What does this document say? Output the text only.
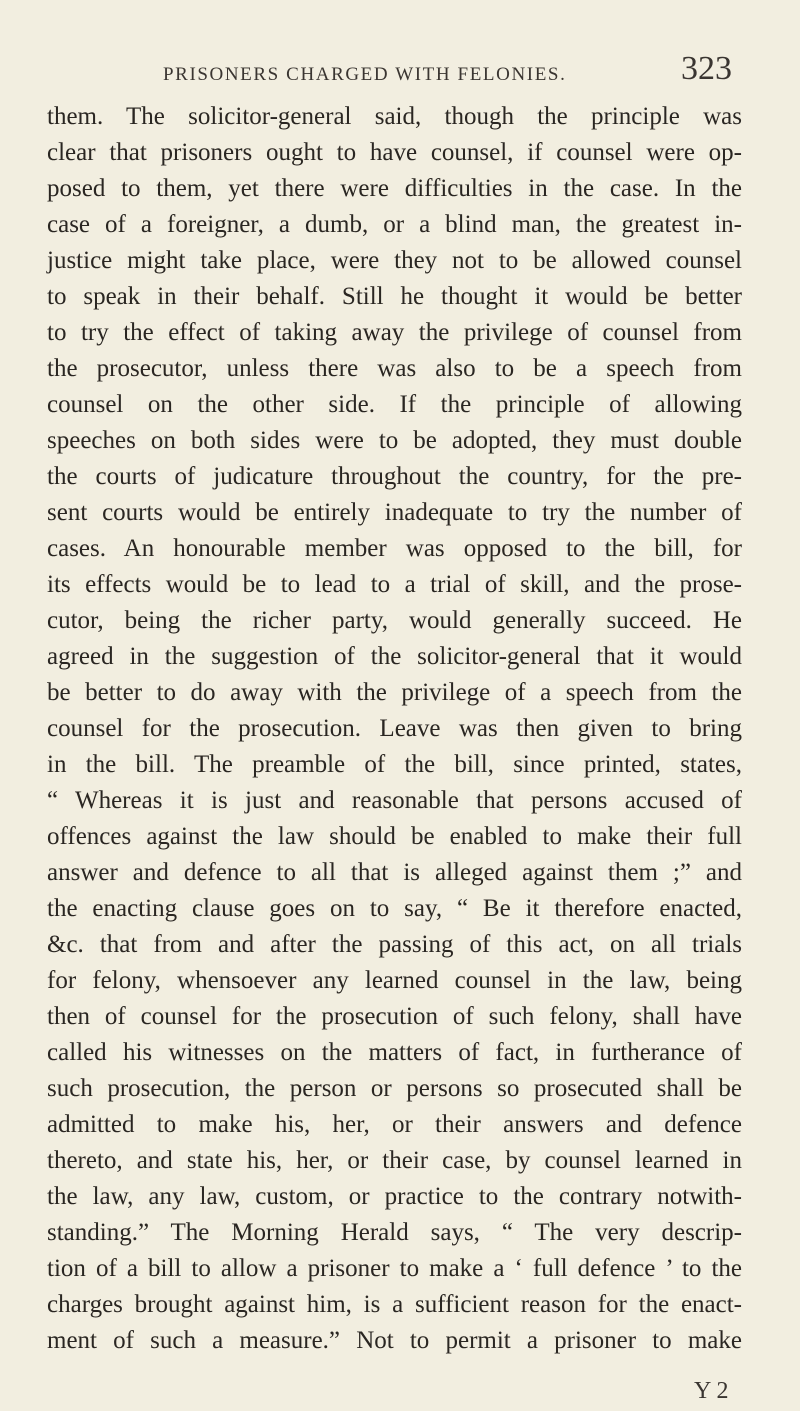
PRISONERS CHARGED WITH FELONIES.	323
them. The solicitor-general said, though the principle was
clear that prisoners ought to have counsel, if counsel were op-
posed to them, yet there were difficulties in the case. In the
case of a foreigner, a dumb, or a blind man, the greatest in-
justice might take place, were they not to be allowed counsel
to speak in their behalf. Still he thought it would be better
to try the effect of taking away the privilege of counsel from
the prosecutor, unless there was also to be a speech from
counsel on the other side. If the principle of allowing
speeches on both sides were to be adopted, they must double
the courts of judicature throughout the country, for the pre-
sent courts would be entirely inadequate to try the number of
cases. An honourable member was opposed to the bill, for
its effects would be to lead to a trial of skill, and the prose-
cutor, being the richer party, would generally succeed. He
agreed in the suggestion of the solicitor-general that it would
be better to do away with the privilege of a speech from the
counsel for the prosecution. Leave was then given to bring
in the bill. The preamble of the bill, since printed, states,
“ Whereas it is just and reasonable that persons accused of
offences against the law should be enabled to make their full
answer and defence to all that is alleged against them ;” and
the enacting clause goes on to say, “ Be it therefore enacted,
&c. that from and after the passing of this act, on all trials
for felony, whensoever any learned counsel in the law, being
then of counsel for the prosecution of such felony, shall have
called his witnesses on the matters of fact, in furtherance of
such prosecution, the person or persons so prosecuted shall be
admitted to make his, her, or their answers and defence
thereto, and state his, her, or their case, by counsel learned in
the law, any law, custom, or practice to the contrary notwith-
standing.” The Morning Herald says, “ The very descrip-
tion of a bill to allow a prisoner to make a ‘ full defence ’ to the
charges brought against him, is a sufficient reason for the enact-
ment of such a measure.” Not to permit a prisoner to make
Y 2
